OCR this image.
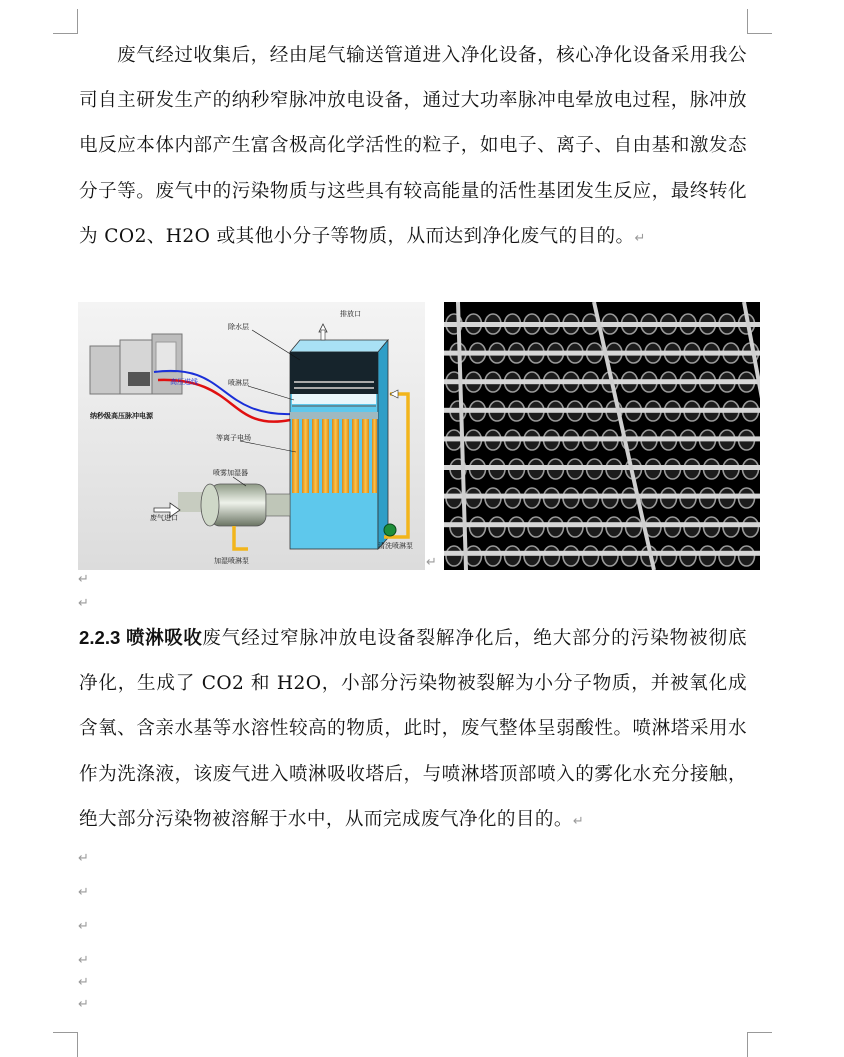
废气经过收集后，经由尾气输送管道进入净化设备，核心净化设备采用我公司自主研发生产的纳秒窄脉冲放电设备，通过大功率脉冲电晕放电过程，脉冲放电反应本体内部产生富含极高化学活性的粒子，如电子、离子、自由基和激发态分子等。废气中的污染物质与这些具有较高能量的活性基团发生反应，最终转化为 CO2、H2O 或其他小分子等物质，从而达到净化废气的目的。↵
高压进线
纳秒级高压脉冲电源
排放口
除水层
喷淋层
等离子电场
喷雾加湿器
废气进口
加湿喷淋泵
清洗喷淋泵
↵
↵
↵
2.2.3 喷淋吸收废气经过窄脉冲放电设备裂解净化后，绝大部分的污染物被彻底净化，生成了 CO2 和 H2O，小部分污染物被裂解为小分子物质，并被氧化成含氧、含亲水基等水溶性较高的物质，此时，废气整体呈弱酸性。喷淋塔采用水作为洗涤液，该废气进入喷淋吸收塔后，与喷淋塔顶部喷入的雾化水充分接触，绝大部分污染物被溶解于水中，从而完成废气净化的目的。↵
↵
↵
↵
↵
↵
↵
